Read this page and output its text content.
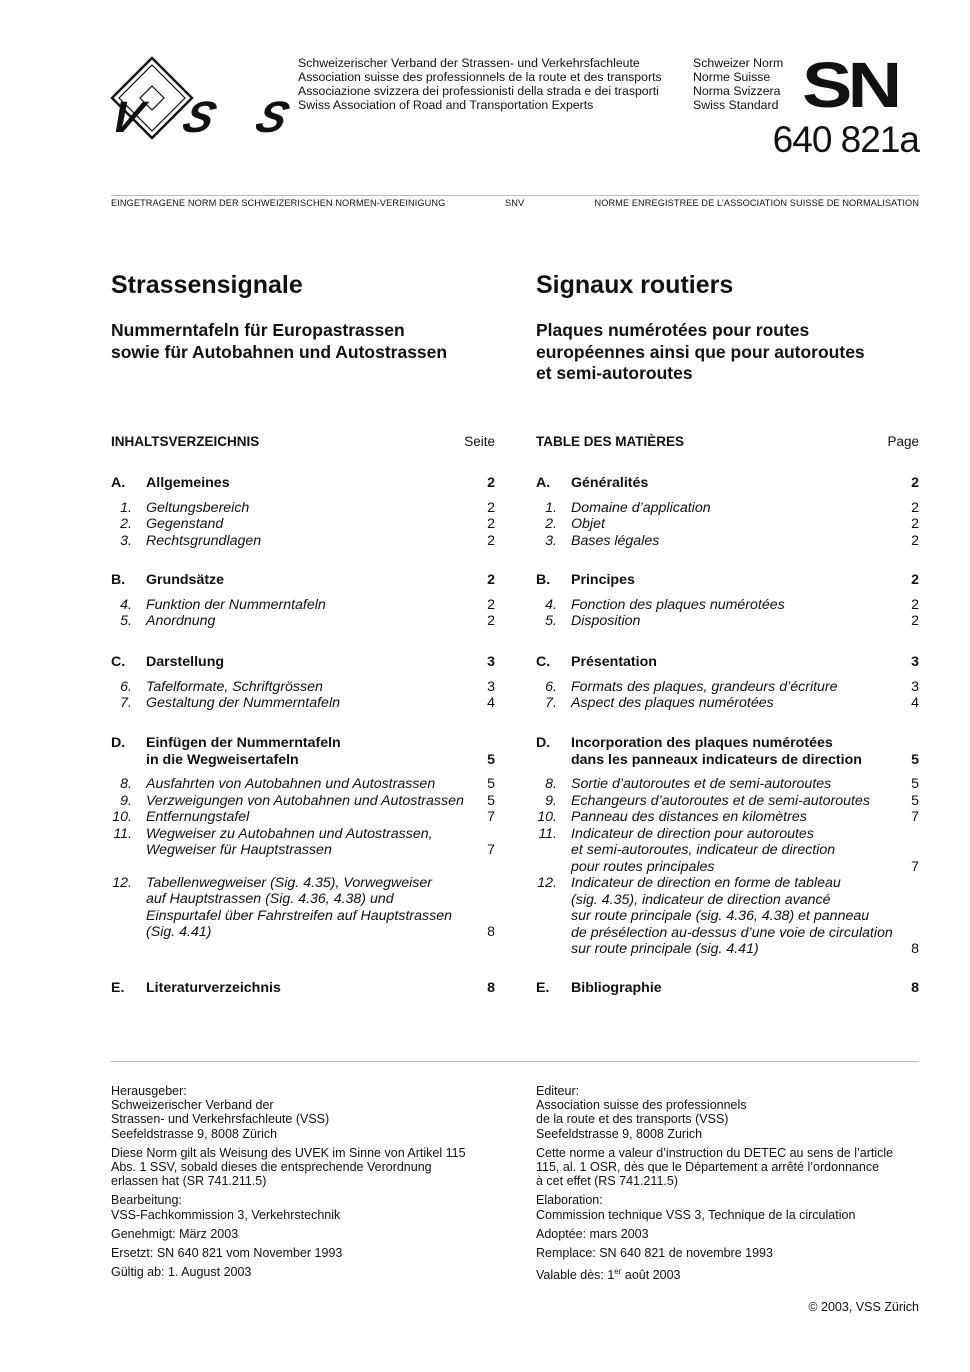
VSS
Schweizerischer Verband der Strassen- und Verkehrsfachleute
Association suisse des professionnels de la route et des transports
Associazione svizzera dei professionisti della strada e dei trasporti
Swiss Association of Road and Transportation Experts
Schweizer Norm
Norme Suisse
Norma Svizzera
Swiss Standard SN
640 821a
EINGETRAGENE NORM DER SCHWEIZERISCHEN NORMEN-VEREINIGUNG	SNV	NORME ENREGISTREE DE L’ASSOCIATION SUISSE DE NORMALISATION
Strassensignale
Nummerntafeln für Europastrassen
sowie für Autobahnen und Autostrassen
INHALTSVERZEICHNIS	Seite
A.	Allgemeines	2
1. Geltungsbereich	2
2. Gegenstand	2
3. Rechtsgrundlagen	2
B.	Grundsätze	2
4. Funktion der Nummerntafeln	2
5. Anordnung	2
C.	Darstellung	3
6. Tafelformate, Schriftgrössen	3
7. Gestaltung der Nummerntafeln	4
D.	Einfügen der Nummerntafeln
in die Wegweisertafeln	5
8. Ausfahrten von Autobahnen und Autostrassen	5
9. Verzweigungen von Autobahnen und Autostrassen	5
10. Entfernungstafel	7
11. Wegweiser zu Autobahnen und Autostrassen,
Wegweiser für Hauptstrassen	7
12. Tabellenwegweiser (Sig. 4.35), Vorwegweiser
auf Hauptstrassen (Sig. 4.36, 4.38) und
Einspurtafel über Fahrstreifen auf Hauptstrassen
(Sig. 4.41)	8
E.	Literaturverzeichnis	8
Signaux routiers
Plaques numérotées pour routes
européennes ainsi que pour autoroutes
et semi-autoroutes
TABLE DES MATIÈRES	Page
A.	Généralités	2
1. Domaine d’application	2
2. Objet	2
3. Bases légales	2
B.	Principes	2
4. Fonction des plaques numérotées	2
5. Disposition	2
C.	Présentation	3
6. Formats des plaques, grandeurs d’écriture	3
7. Aspect des plaques numérotées	4
D.	Incorporation des plaques numérotées
dans les panneaux indicateurs de direction	5
8. Sortie d’autoroutes et de semi-autoroutes	5
9. Echangeurs d’autoroutes et de semi-autoroutes	5
10. Panneau des distances en kilomètres	7
11. Indicateur de direction pour autoroutes
et semi-autoroutes, indicateur de direction
pour routes principales	7
12. Indicateur de direction en forme de tableau
(sig. 4.35), indicateur de direction avancé
sur route principale (sig. 4.36, 4.38) et panneau
de présélection au-dessus d’une voie de circulation
sur route principale (sig. 4.41)	8
E.	Bibliographie	8

Herausgeber:
Schweizerischer Verband der
Strassen- und Verkehrsfachleute (VSS)
Seefeldstrasse 9, 8008 Zürich

Diese Norm gilt als Weisung des UVEK im Sinne von Artikel 115
Abs. 1 SSV, sobald dieses die entsprechende Verordnung
erlassen hat (SR 741.211.5)

Bearbeitung:
VSS-Fachkommission 3, Verkehrstechnik

Genehmigt: März 2003

Ersetzt: SN 640 821 vom November 1993

Gültig ab: 1. August 2003

Editeur:
Association suisse des professionnels
de la route et des transports (VSS)
Seefeldstrasse 9, 8008 Zurich

Cette norme a valeur d’instruction du DETEC au sens de l’article
115, al. 1 OSR, dès que le Département a arrêté l’ordonnance
à cet effet (RS 741.211.5)

Elaboration:
Commission technique VSS 3, Technique de la circulation

Adoptée: mars 2003

Remplace: SN 640 821 de novembre 1993

Valable dès: 1er août 2003

© 2003, VSS Zürich
